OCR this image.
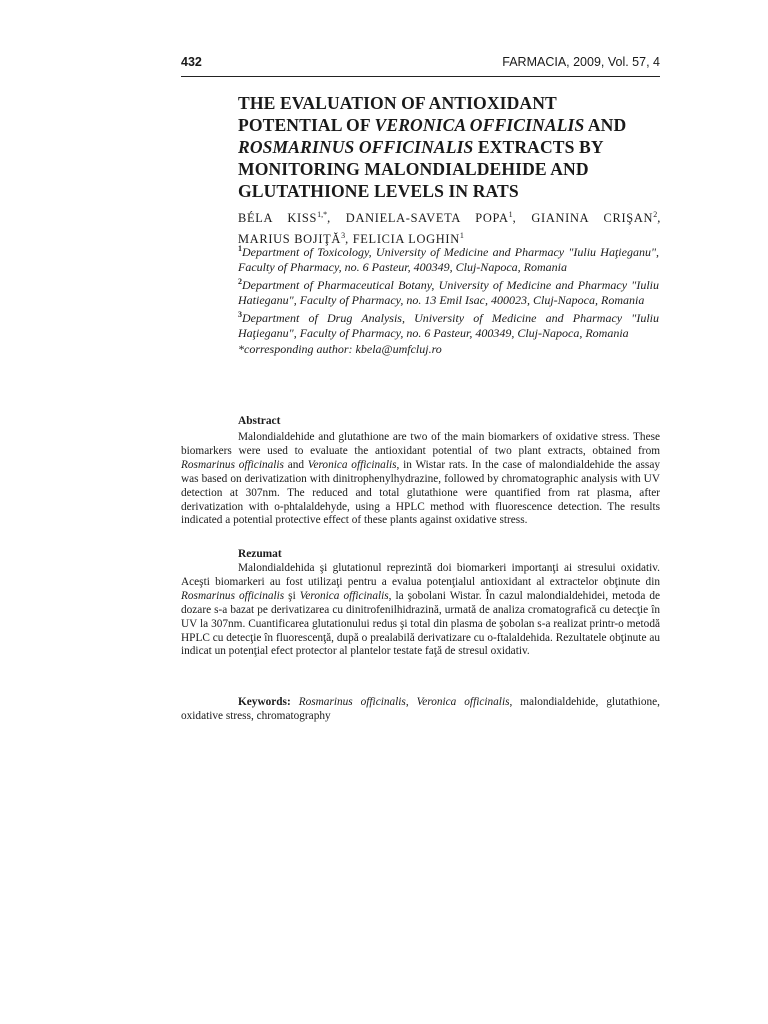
432	FARMACIA, 2009, Vol. 57, 4
THE EVALUATION OF ANTIOXIDANT
POTENTIAL OF VERONICA OFFICINALIS AND
ROSMARINUS OFFICINALIS EXTRACTS BY
MONITORING MALONDIALDEHIDE AND
GLUTATHIONE LEVELS IN RATS
BÉLA $KISS^{1,*}$, DANIELA-SAVETA POPA$^1$, GIANINA CRIŞAN$^2$, MARIUS BOJIŢĂ$^3$, FELICIA LOGHIN$^1$
$^1$Department of Toxicology, University of Medicine and Pharmacy "Iuliu Haţieganu", Faculty of Pharmacy, no. 6 Pasteur, 400349, Cluj-Napoca, Romania
$^2$Department of Pharmaceutical Botany, University of Medicine and Pharmacy "Iuliu Hatieganu", Faculty of Pharmacy, no. 13 Emil Isac, 400023, Cluj-Napoca, Romania
$^3$Department of Drug Analysis, University of Medicine and Pharmacy "Iuliu Haţieganu", Faculty of Pharmacy, no. 6 Pasteur, 400349, Cluj-Napoca, Romania
*corresponding author: kbela@umfcluj.ro
Abstract

Malondialdehide and glutathione are two of the main biomarkers of oxidative stress. These biomarkers were used to evaluate the antioxidant potential of two plant extracts, obtained from Rosmarinus officinalis and Veronica officinalis, in Wistar rats. In the case of malondialdehide the assay was based on derivatization with dinitrophenylhydrazine, followed by chromatographic analysis with UV detection at 307nm. The reduced and total glutathione were quantified from rat plasma, after derivatization with o-phtalaldehyde, using a HPLC method with fluorescence detection. The results indicated a potential protective effect of these plants against oxidative stress.

Rezumat

Malondialdehida şi glutationul reprezintă doi biomarkeri importanţi ai stresului oxidativ. Aceşti biomarkeri au fost utilizaţi pentru a evalua potenţialul antioxidant al extractelor obţinute din Rosmarinus officinalis şi Veronica officinalis, la şobolani Wistar. În cazul malondialdehidei, metoda de dozare s-a bazat pe derivatizarea cu dinitrofenilhidrazină, urmată de analiza cromatografică cu detecţie în UV la 307nm. Cuantificarea glutationului redus şi total din plasma de şobolan s-a realizat printr-o metodă HPLC cu detecţie în fluorescenţă, după o prealabilă derivatizare cu o-ftalaldehida. Rezultatele obţinute au indicat un potenţial efect protector al plantelor testate faţă de stresul oxidativ.

Keywords: Rosmarinus officinalis, Veronica officinalis, malondialdehide, glutathione, oxidative stress, chromatography
